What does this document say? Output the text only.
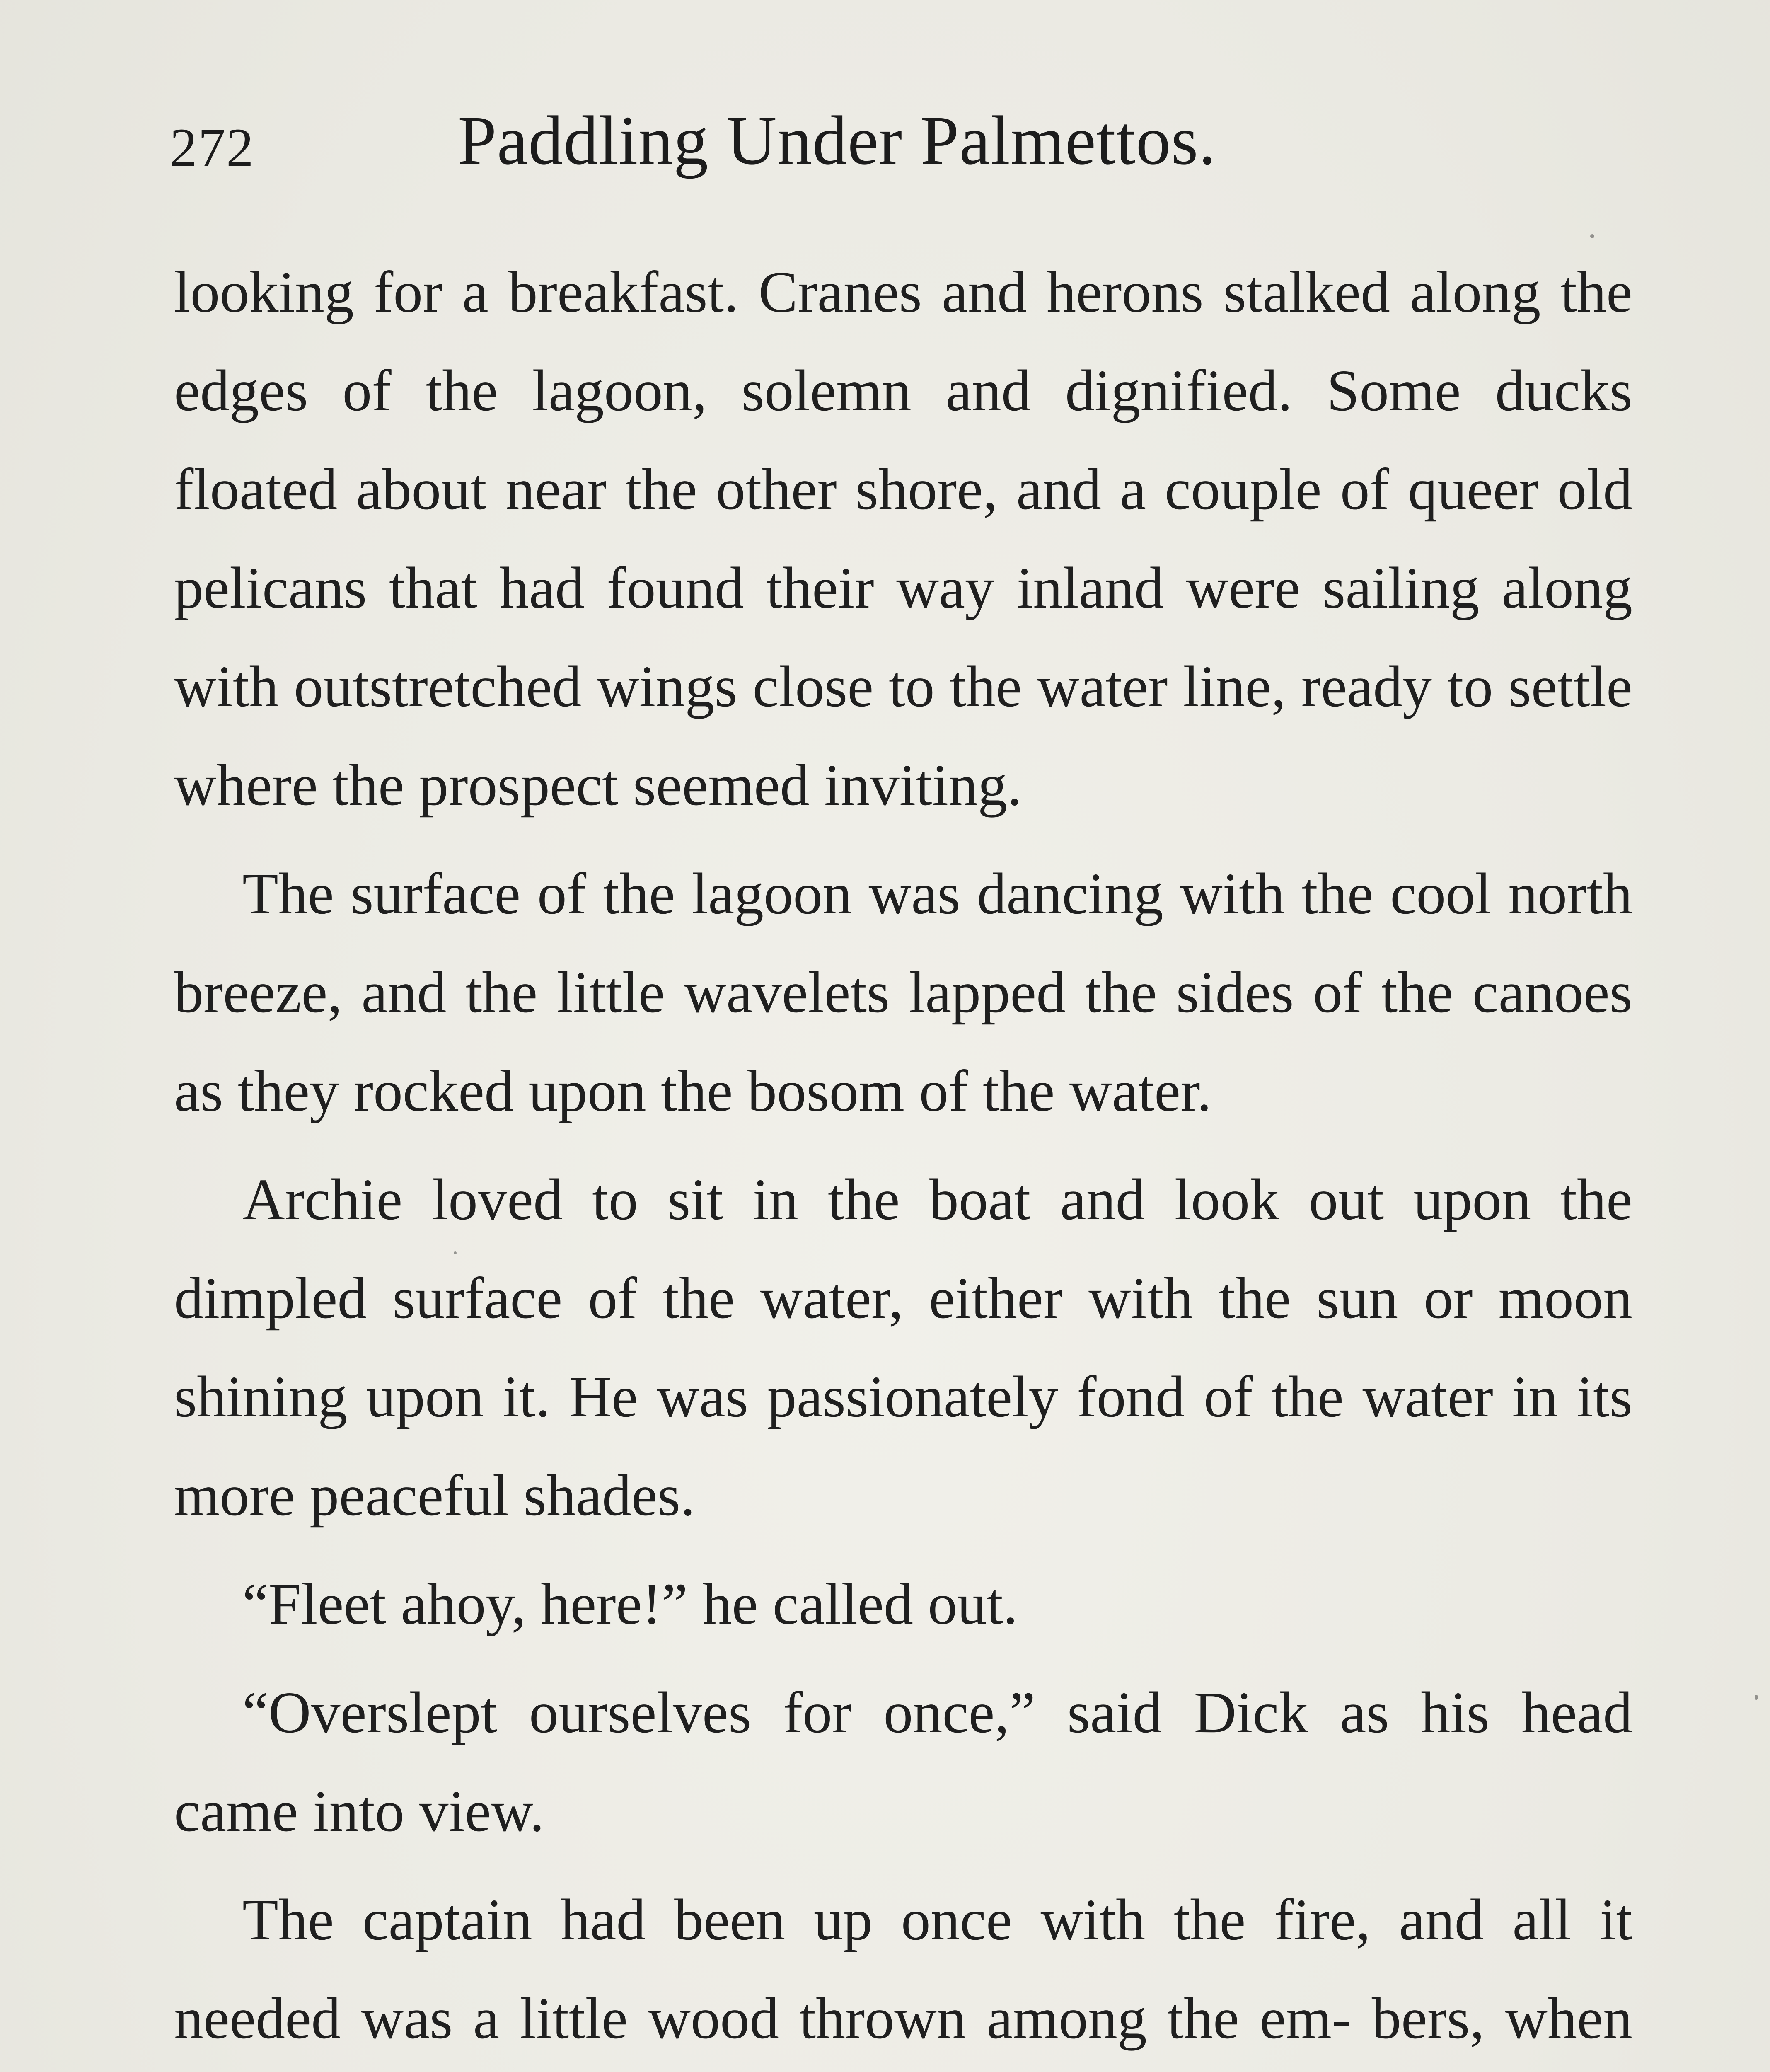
272	Paddling Under Palmettos.

looking for a breakfast. Cranes and herons stalked along the edges of the lagoon, solemn and dignified. Some ducks floated about near the other shore, and a couple of queer old pelicans that had found their way inland were sailing along with outstretched wings close to the water line, ready to settle where the prospect seemed inviting.

The surface of the lagoon was dancing with the cool north breeze, and the little wavelets lapped the sides of the canoes as they rocked upon the bosom of the water.

Archie loved to sit in the boat and look out upon the dimpled surface of the water, either with the sun or moon shining upon it. He was passionately fond of the water in its more peaceful shades.

“Fleet ahoy, here!” he called out.

“Overslept ourselves for once,” said Dick as his head came into view.

The captain had been up once with the fire, and all it needed was a little wood thrown among the em- bers, when
